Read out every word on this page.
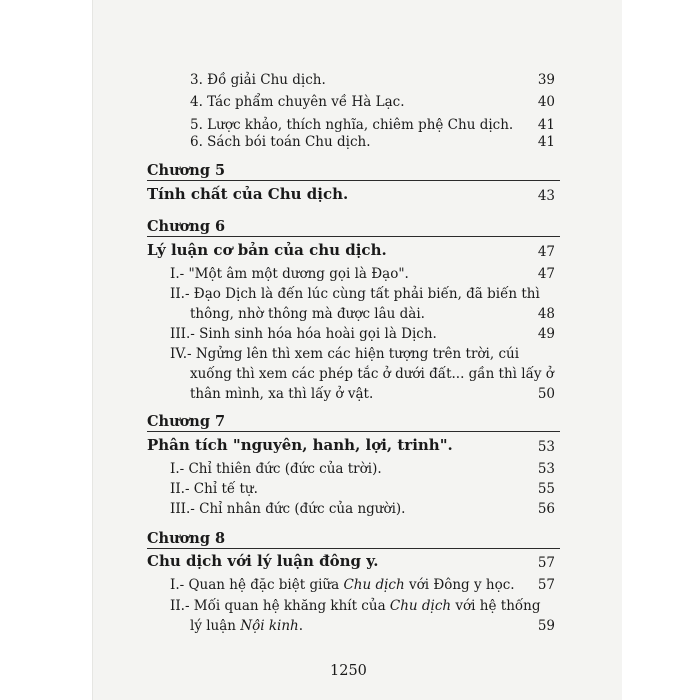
3. Đồ giải Chu dịch.	39
4. Tác phẩm chuyên về Hà Lạc.	40
5. Lược khảo, thích nghĩa, chiêm phệ Chu dịch. 41
6. Sách bói toán Chu dịch.	41
Chương 5
Tính chất của Chu dịch.	43
Chương 6
Lý luận cơ bản của chu dịch.	47
I.- "Một âm một dương gọi là Đạo".	47
II.- Đạo Dịch là đến lúc cùng tất phải biến, đã biến thì
thông, nhờ thông mà được lâu dài.	48
III.- Sinh sinh hóa hóa hoài gọi là Dịch.	49
IV.- Ngửng lên thì xem các hiện tượng trên trời, cúi
xuống thì xem các phép tắc ở dưới đất... gần thì lấy ở
thân mình, xa thì lấy ở vật.	50
Chương 7
Phân tích "nguyên, hanh, lợi, trinh".	53
I.- Chỉ thiên đức (đức của trời).	53
II.- Chỉ tế tự.	55
III.- Chỉ nhân đức (đức của người).	56
Chương 8
Chu dịch với lý luận đông y.	57
I.- Quan hệ đặc biệt giữa Chu dịch với Đông y học. 57
II.- Mối quan hệ khăng khít của Chu dịch với hệ thống
lý luận Nội kinh.	59
1250
